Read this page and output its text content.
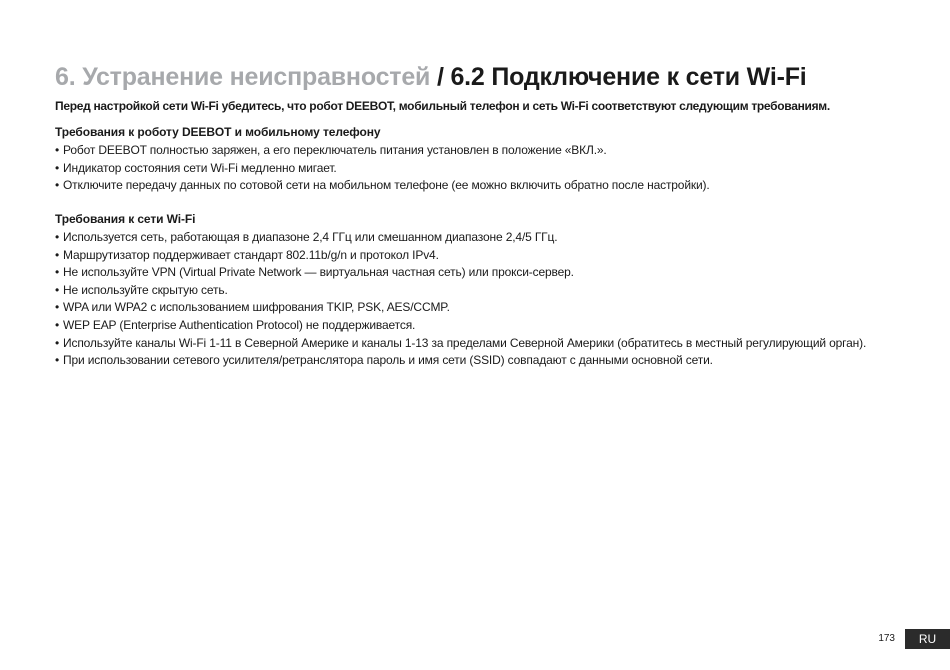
6. Устранение неисправностей / 6.2 Подключение к сети Wi-Fi
Перед настройкой сети Wi-Fi убедитесь, что робот DEEBOT, мобильный телефон и сеть Wi-Fi соответствуют следующим требованиям.
Требования к роботу DEEBOT и мобильному телефону
• Робот DEEBOT полностью заряжен, а его переключатель питания установлен в положение «ВКЛ.».
• Индикатор состояния сети Wi-Fi медленно мигает.
• Отключите передачу данных по сотовой сети на мобильном телефоне (ее можно включить обратно после настройки).
Требования к сети Wi-Fi
• Используется сеть, работающая в диапазоне 2,4 ГГц или смешанном диапазоне 2,4/5 ГГц.
• Маршрутизатор поддерживает стандарт 802.11b/g/n и протокол IPv4.
• Не используйте VPN (Virtual Private Network — виртуальная частная сеть) или прокси-сервер.
• Не используйте скрытую сеть.
• WPA или WPA2 с использованием шифрования TKIP, PSK, AES/CCMP.
• WEP EAP (Enterprise Authentication Protocol) не поддерживается.
• Используйте каналы Wi-Fi 1-11 в Северной Америке и каналы 1-13 за пределами Северной Америки (обратитесь в местный регулирующий орган).
• При использовании сетевого усилителя/ретранслятора пароль и имя сети (SSID) совпадают с данными основной сети.
173	RU
